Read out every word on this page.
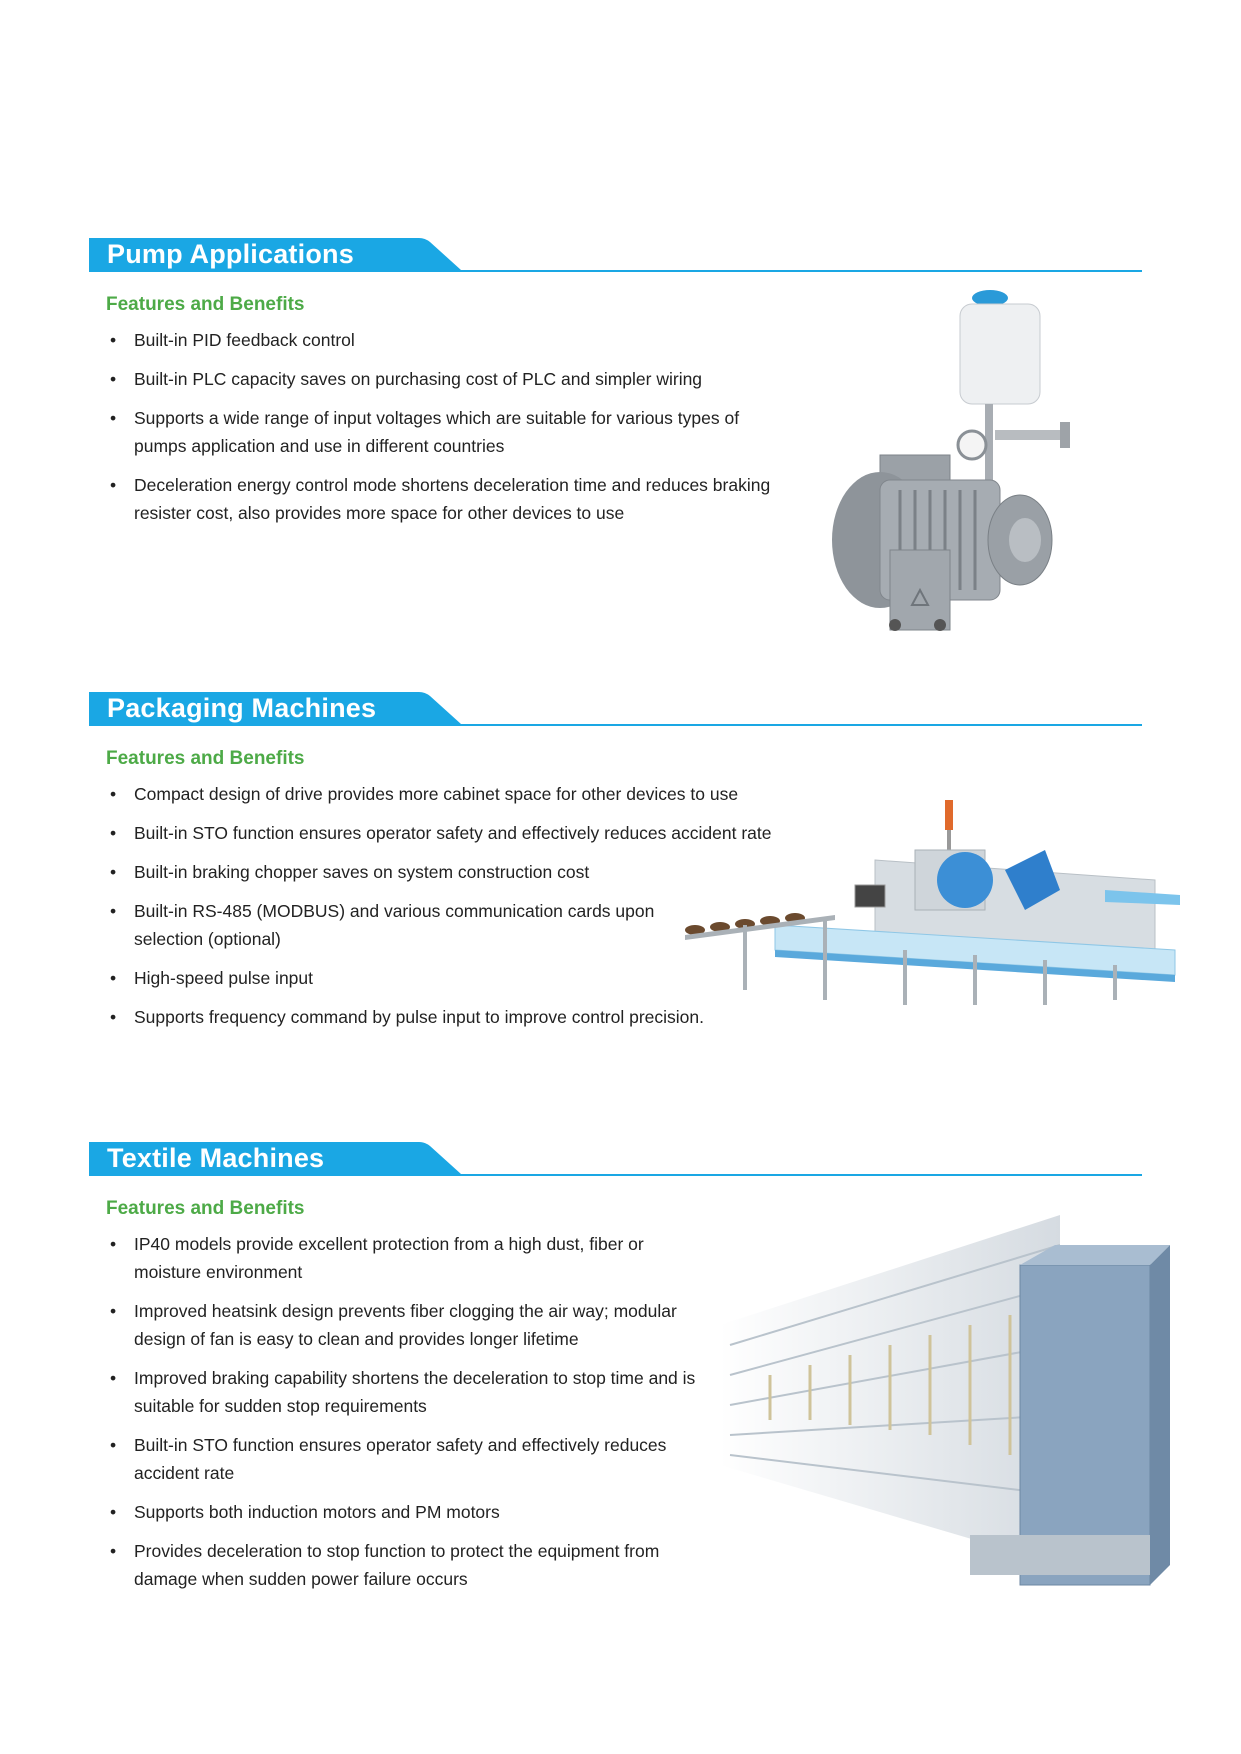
Pump Applications
Features and Benefits
• Built-in PID feedback control
• Built-in PLC capacity saves on purchasing cost of PLC and simpler wiring
• Supports a wide range of input voltages which are suitable for various types of pumps application and use in different countries
• Deceleration energy control mode shortens deceleration time and reduces braking resister cost, also provides more space for other devices to use
Packaging Machines
Features and Benefits
• Compact design of drive provides more cabinet space for other devices to use
• Built-in STO function ensures operator safety and effectively reduces accident rate
• Built-in braking chopper saves on system construction cost
• Built-in RS-485 (MODBUS) and various communication cards upon selection (optional)
• High-speed pulse input
• Supports frequency command by pulse input to improve control precision.
Textile Machines
Features and Benefits
• IP40 models provide excellent protection from a high dust, fiber or moisture environment
• Improved heatsink design prevents fiber clogging the air way; modular design of fan is easy to clean and provides longer lifetime
• Improved braking capability shortens the deceleration to stop time and is suitable for sudden stop requirements
• Built-in STO function ensures operator safety and effectively reduces accident rate
• Supports both induction motors and PM motors
• Provides deceleration to stop function to protect the equipment from damage when sudden power failure occurs
